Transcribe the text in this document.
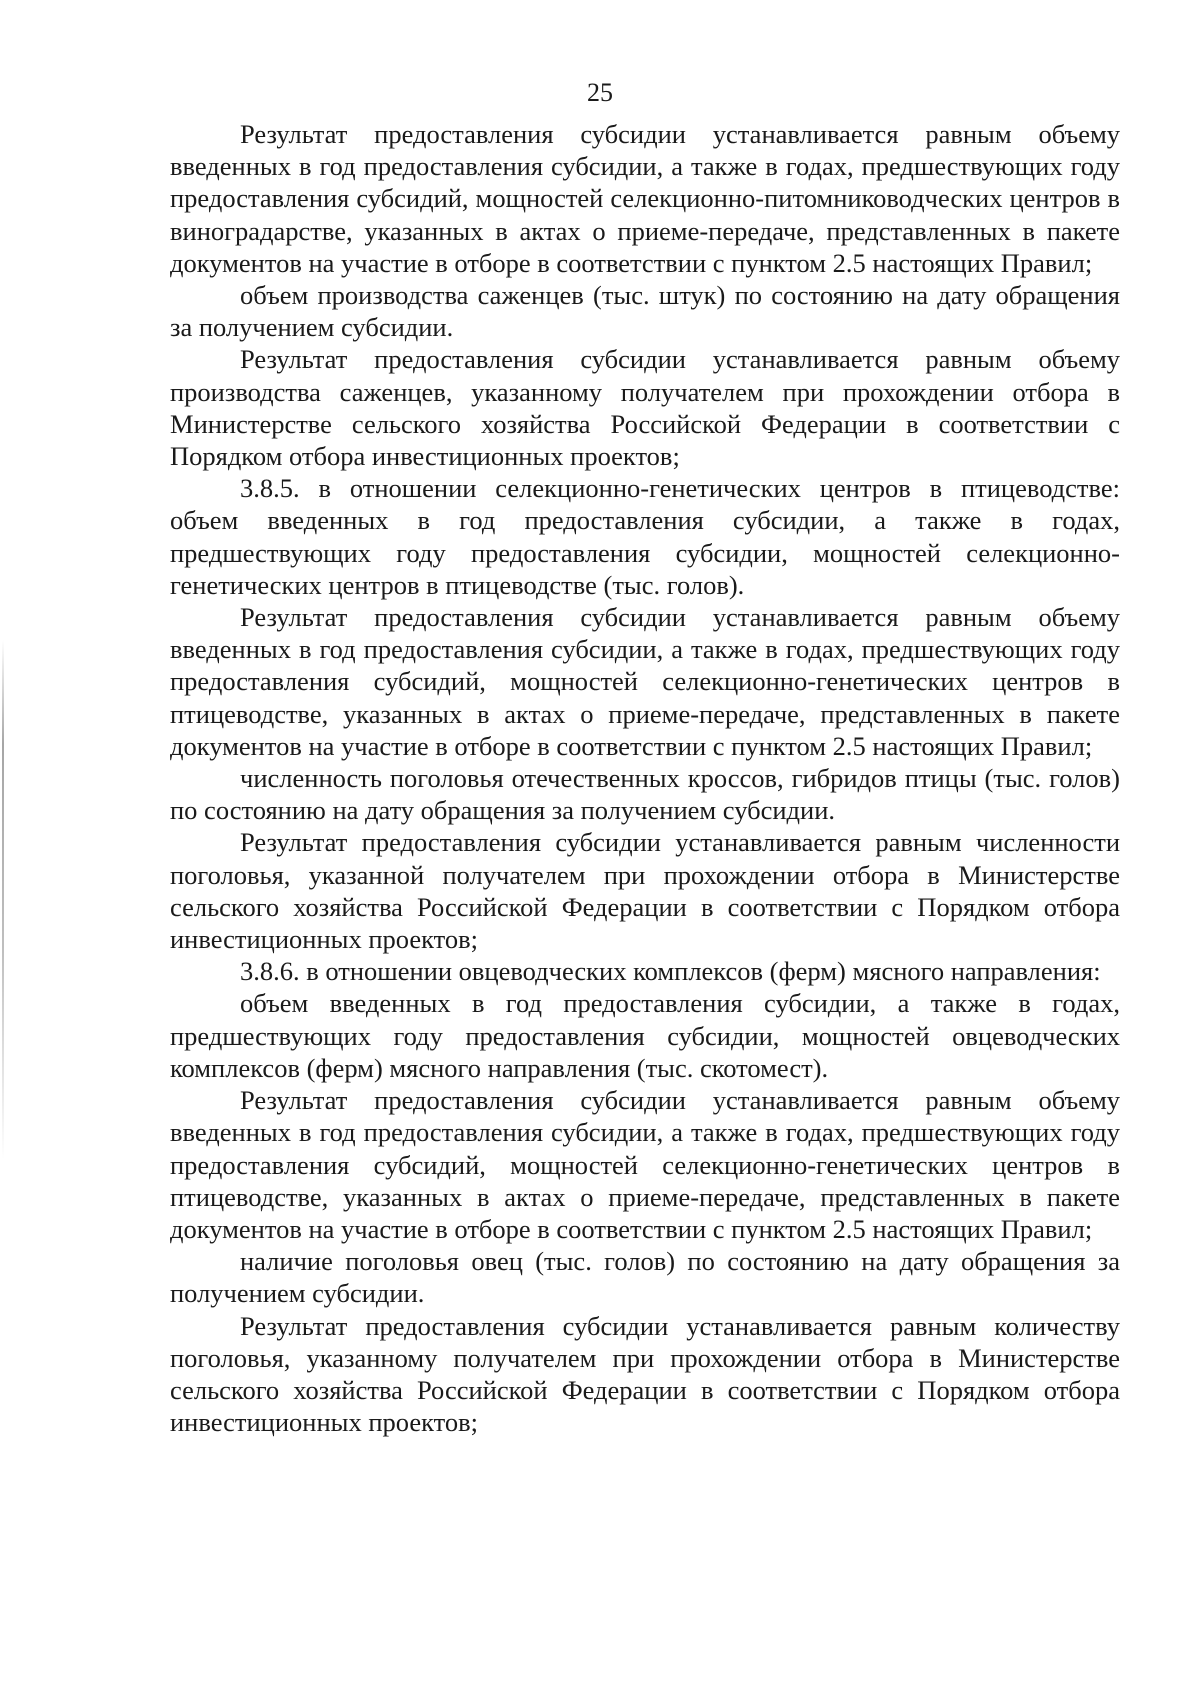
25

Результат предоставления субсидии устанавливается равным объему введенных в год предоставления субсидии, а также в годах, предшествующих году предоставления субсидий, мощностей селекционно-питомниководческих центров в виноградарстве, указанных в актах о приеме-передаче, представленных в пакете документов на участие в отборе в соответствии с пунктом 2.5 настоящих Правил;

объем производства саженцев (тыс. штук) по состоянию на дату обращения за получением субсидии.

Результат предоставления субсидии устанавливается равным объему производства саженцев, указанному получателем при прохождении отбора в Министерстве сельского хозяйства Российской Федерации в соответствии с Порядком отбора инвестиционных проектов;

3.8.5. в отношении селекционно-генетических центров в птицеводстве: объем введенных в год предоставления субсидии, а также в годах, предшествующих году предоставления субсидии, мощностей селекционно-генетических центров в птицеводстве (тыс. голов).

Результат предоставления субсидии устанавливается равным объему введенных в год предоставления субсидии, а также в годах, предшествующих году предоставления субсидий, мощностей селекционно-генетических центров в птицеводстве, указанных в актах о приеме-передаче, представленных в пакете документов на участие в отборе в соответствии с пунктом 2.5 настоящих Правил;

численность поголовья отечественных кроссов, гибридов птицы (тыс. голов) по состоянию на дату обращения за получением субсидии.

Результат предоставления субсидии устанавливается равным численности поголовья, указанной получателем при прохождении отбора в Министерстве сельского хозяйства Российской Федерации в соответствии с Порядком отбора инвестиционных проектов;

3.8.6. в отношении овцеводческих комплексов (ферм) мясного направления:

объем введенных в год предоставления субсидии, а также в годах, предшествующих году предоставления субсидии, мощностей овцеводческих комплексов (ферм) мясного направления (тыс. скотомест).

Результат предоставления субсидии устанавливается равным объему введенных в год предоставления субсидии, а также в годах, предшествующих году предоставления субсидий, мощностей селекционно-генетических центров в птицеводстве, указанных в актах о приеме-передаче, представленных в пакете документов на участие в отборе в соответствии с пунктом 2.5 настоящих Правил;

наличие поголовья овец (тыс. голов) по состоянию на дату обращения за получением субсидии.

Результат предоставления субсидии устанавливается равным количеству поголовья, указанному получателем при прохождении отбора в Министерстве сельского хозяйства Российской Федерации в соответствии с Порядком отбора инвестиционных проектов;
